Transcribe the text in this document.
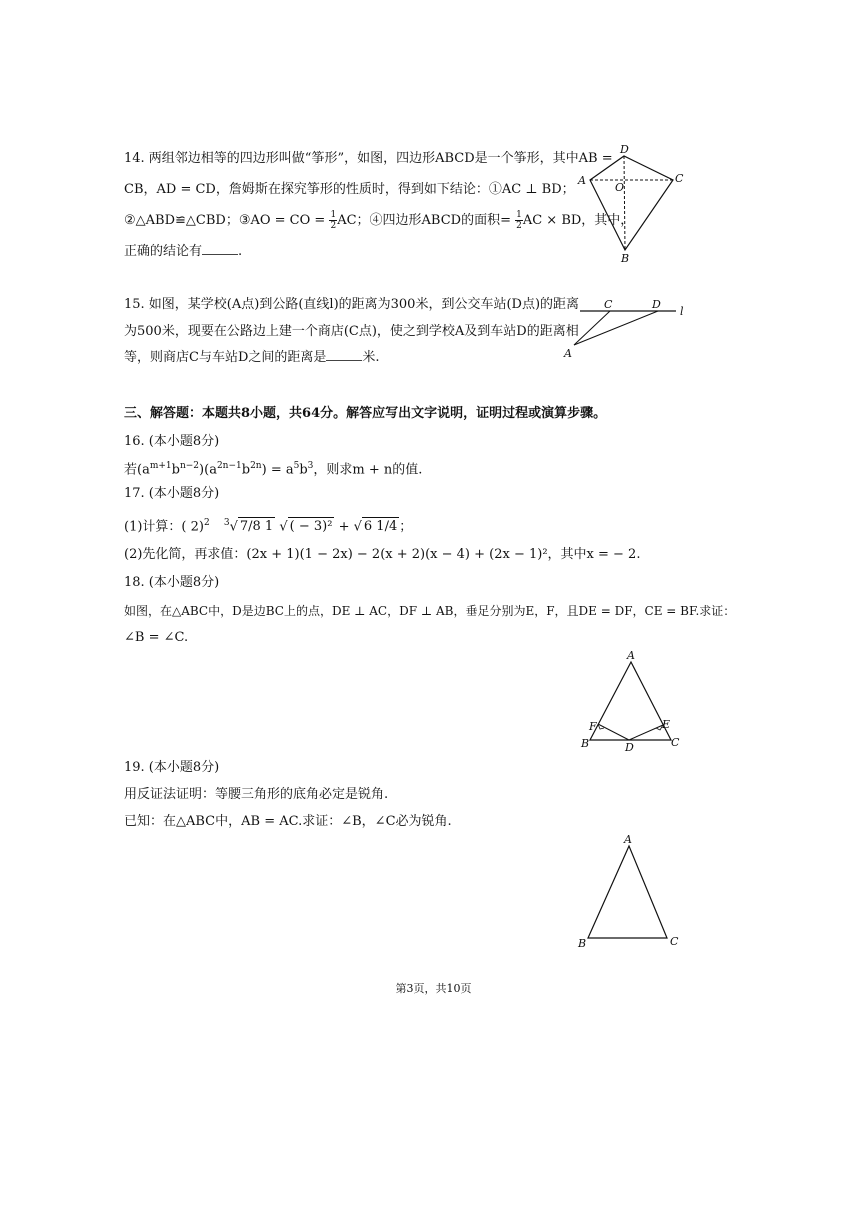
14. 两组邻边相等的四边形叫做“筝形”，如图，四边形ABCD是一个筝形，其中AB =
CB，AD = CD，詹姆斯在探究筝形的性质时，得到如下结论：①AC ⊥ BD；
②△ABD≌△CBD；③AO = CO = $\frac{1}{2}$ AC；④四边形ABCD的面积= $\frac{1}{2}$ AC × BD，其中，
正确的结论有	.
A
D
C
O
B
15. 如图，某学校(A点)到公路(直线l)的距离为300米，到公交车站(D点)的距离
为500米，现要在公路边上建一个商店(C点)，使之到学校A及到车站D的距离相
等，则商店C与车站D之间的距离是	米.
C	D
l
A
三、解答题：本题共8小题，共64分。解答应写出文字说明，证明过程或演算步骤。
16. (本小题8分)
若$(a^{m+1}b^{n-2})(a^{2n-1}b^{2n}) = a^5b^3$，则求m + n的值.
17. (本小题8分)
(1)计算：( 2)$^2$ $^3$√ 7/8 1 √ ( − 3)² + √ 6 1/4 ；
(2)先化简，再求值：(2x + 1)(1 − 2x) − 2(x + 2)(x − 4) + (2x − 1)²，其中x = − 2.
18. (本小题8分)
如图，在△ABC中，D是边BC上的点，DE ⊥ AC，DF ⊥ AB，垂足分别为E，F，且DE = DF，CE = BF.求证：
∠B = ∠C.
A
F	E
B	D	C
19. (本小题8分)
用反证法证明：等腰三角形的底角必定是锐角.
已知：在△ABC中，AB = AC.求证：∠B，∠C必为锐角.
A
B	C
第3页，共10页
